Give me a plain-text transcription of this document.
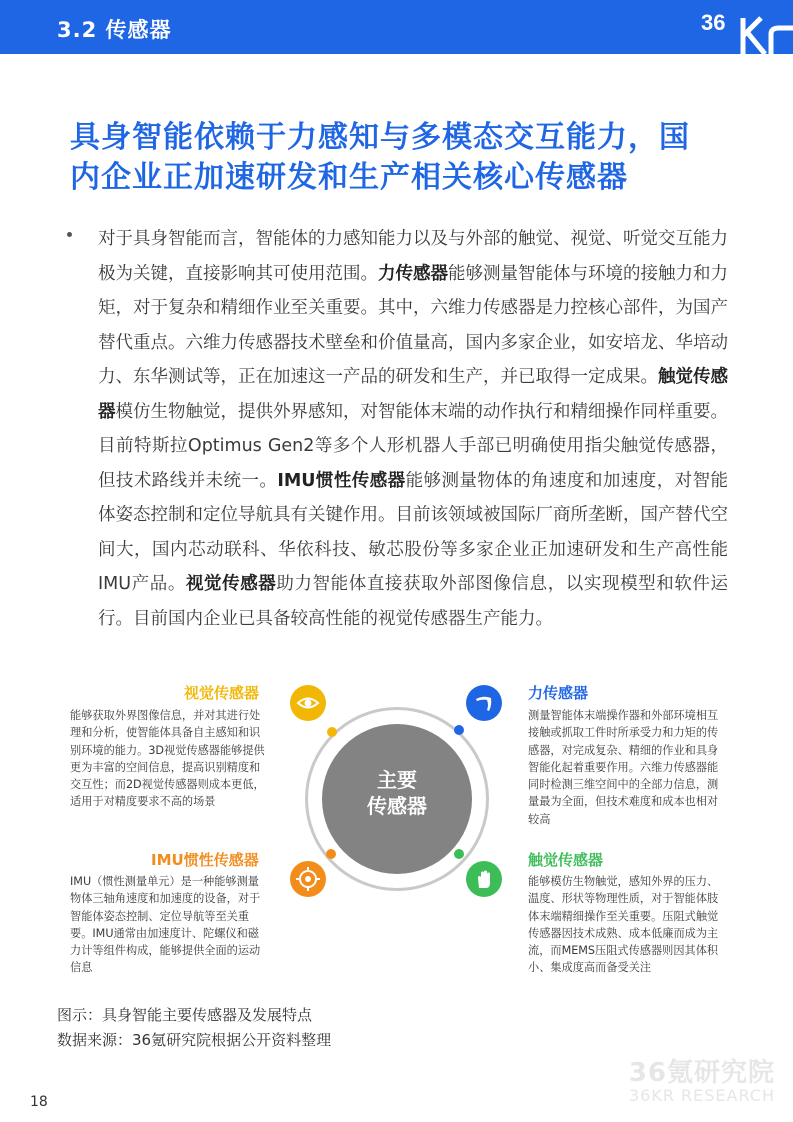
3.2 传感器	36
具身智能依赖于力感知与多模态交互能力，国
内企业正加速研发和生产相关核心传感器
对于具身智能而言，智能体的力感知能力以及与外部的触觉、视觉、听觉交互能力极为关键，直接影响其可使用范围。力传感器能够测量智能体与环境的接触力和力矩，对于复杂和精细作业至关重要。其中，六维力传感器是力控核心部件，为国产替代重点。六维力传感器技术壁垒和价值量高，国内多家企业，如安培龙、华培动力、东华测试等，正在加速这一产品的研发和生产，并已取得一定成果。触觉传感器模仿生物触觉，提供外界感知，对智能体末端的动作执行和精细操作同样重要。目前特斯拉Optimus Gen2等多个人形机器人手部已明确使用指尖触觉传感器，但技术路线并未统一。IMU惯性传感器能够测量物体的角速度和加速度，对智能体姿态控制和定位导航具有关键作用。目前该领域被国际厂商所垄断，国产替代空间大，国内芯动联科、华依科技、敏芯股份等多家企业正加速研发和生产高性能IMU产品。视觉传感器助力智能体直接获取外部图像信息，以实现模型和软件运行。目前国内企业已具备较高性能的视觉传感器生产能力。
主要
传感器
视觉传感器
能够获取外界图像信息，并对其进行处理和分析，使智能体具备自主感知和识别环境的能力。3D视觉传感器能够提供更为丰富的空间信息，提高识别精度和交互性；而2D视觉传感器则成本更低，适用于对精度要求不高的场景
力传感器
测量智能体末端操作器和外部环境相互接触或抓取工件时所承受力和力矩的传感器，对完成复杂、精细的作业和具身智能化起着重要作用。六维力传感器能同时检测三维空间中的全部力信息，测量最为全面，但技术难度和成本也相对较高
IMU惯性传感器
IMU（惯性测量单元）是一种能够测量物体三轴角速度和加速度的设备，对于智能体姿态控制、定位导航等至关重要。IMU通常由加速度计、陀螺仪和磁力计等组件构成，能够提供全面的运动信息
触觉传感器
能够模仿生物触觉，感知外界的压力、温度、形状等物理性质，对于智能体肢体末端精细操作至关重要。压阻式触觉传感器因技术成熟、成本低廉而成为主流，而MEMS压阻式传感器则因其体积小、集成度高而备受关注
图示：具身智能主要传感器及发展特点
数据来源：36氪研究院根据公开资料整理
36氪研究院
36KR RESEARCH
18
